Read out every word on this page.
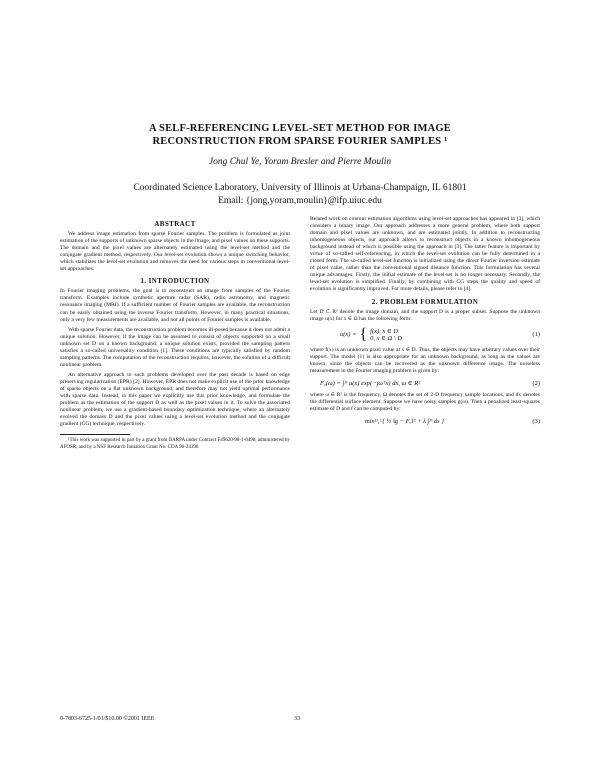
A SELF-REFERENCING LEVEL-SET METHOD FOR IMAGE
RECONSTRUCTION FROM SPARSE FOURIER SAMPLES ¹
Jong Chul Ye, Yoram Bresler and Pierre Moulin
Coordinated Science Laboratory, University of Illinois at Urbana-Champaign, IL 61801
Email: {jong,yoram,moulin}@ifp.uiuc.edu
ABSTRACT

We address image estimation from sparse Fourier samples. The problem is formulated as joint estimation of the supports of unknown sparse objects in the image, and pixel values on these supports. The domain and the pixel values are alternately estimated using the level-set method and the conjugate gradient method, respectively. Our level-set evolution shows a unique switching behavior, which stabilizes the level-set evolution and removes the need for various steps in conventional level-set approaches.

1. INTRODUCTION

In Fourier imaging problems, the goal is to reconstruct an image from samples of the Fourier transform. Examples include synthetic aperture radar (SAR), radio astronomy, and magnetic resonance imaging (MRI). If a sufficient number of Fourier samples are available, the reconstruction can be easily obtained using the inverse Fourier transform. However, in many practical situations, only a very few measurements are available, and not all points of Fourier samples is available.

With sparse Fourier data, the reconstruction problem becomes ill-posed because it does not admit a unique solution. However, if the image can be assumed to consist of objects supported on a small unknown set D on a known background, a unique solution exists, provided the sampling pattern satisfies a so-called universality condition [1]. These conditions are typically satisfied by random sampling patterns. The computation of the reconstruction requires, however, the solution of a difficult nonlinear problem.

An alternative approach to such problems developed over the past decade is based on edge preserving regularization (EPR) [2]. However, EPR does not make explicit use of the prior knowledge of sparse objects on a flat unknown background, and therefore may not yield optimal performance with sparse data. Instead, in this paper we explicitly use this prior knowledge, and formulate the problem as the estimation of the support D as well as the pixel values in it. To solve the associated nonlinear problem, we use a gradient-based boundary optimization technique, where an alternately evolved the domain D and the pixel values using a level-set evolution method and the conjugate gradient (CG) technique, respectively.

¹This work was supported in part by a grant from DARPA under Contract F49620-98-1-0498, administered by AFOSR, and by a NSF Research Initiation Grant No. CDA 96-24396

Related work on contour estimation algorithms using level-set approaches has appeared in [3], which considers a binary image. Our approach addresses a more general problem, where both support domain and pixel values are unknown, and are estimated jointly. In addition to reconstructing inhomogeneous objects, our approach allows to reconstruct objects in a known inhomogeneous background instead of which is possible using the approach in [3]. The latter feature is important by virtue of so-called self-referencing, in which the level-set evolution can be fully determined in a closed form. The so-called level-set function is initialized using the direct Fourier inversion estimate of pixel value, rather than the conventional signed distance function. This formulation has several unique advantages. Firstly, the initial estimate of the level-set is no longer necessary. Secondly, the level-set evolution is simplified. Finally, by combining with CG steps the quality and speed of evolution is significantly improved. For more details, please refer to [4].

2. PROBLEM FORMULATION

Let D ⊂ R² denote the image domain, and the support D is a proper subset. Suppose the unknown image u(x) for x ∈ Ω has the following form:

u(x) = { f(x), x ∈ D
0, x ∈ Ω \ D
(1)

where f(x) is an unknown pixel value at x ∈ D. Thus, the objects may have arbitrary values over their support. The model (1) is also appropriate for an unknown background, as long as the values are known, since the objects can be recovered as the unknown difference image. The noiseless measurement in the Fourier imaging problem is given by:

Fᵤ(ω) = ∫ᴰ u(x) exp(−jωᵀx) dx, ω ∈ R²	(2)

where ω ∈ R² is the frequency, Ω denotes the set of 2-D frequency sample locations, and dx denotes the differential surface element. Suppose we have noisy samples g(ω). Then a penalized least-squares estimate of D and f can be computed by:

minᴰ,ᶠ { ½ ‖g − Fᵤ‖² + λ ∫ᴰ ds }	(3)
0-7803-6725-1/01/$10.00 ©2001 IEEE	33
